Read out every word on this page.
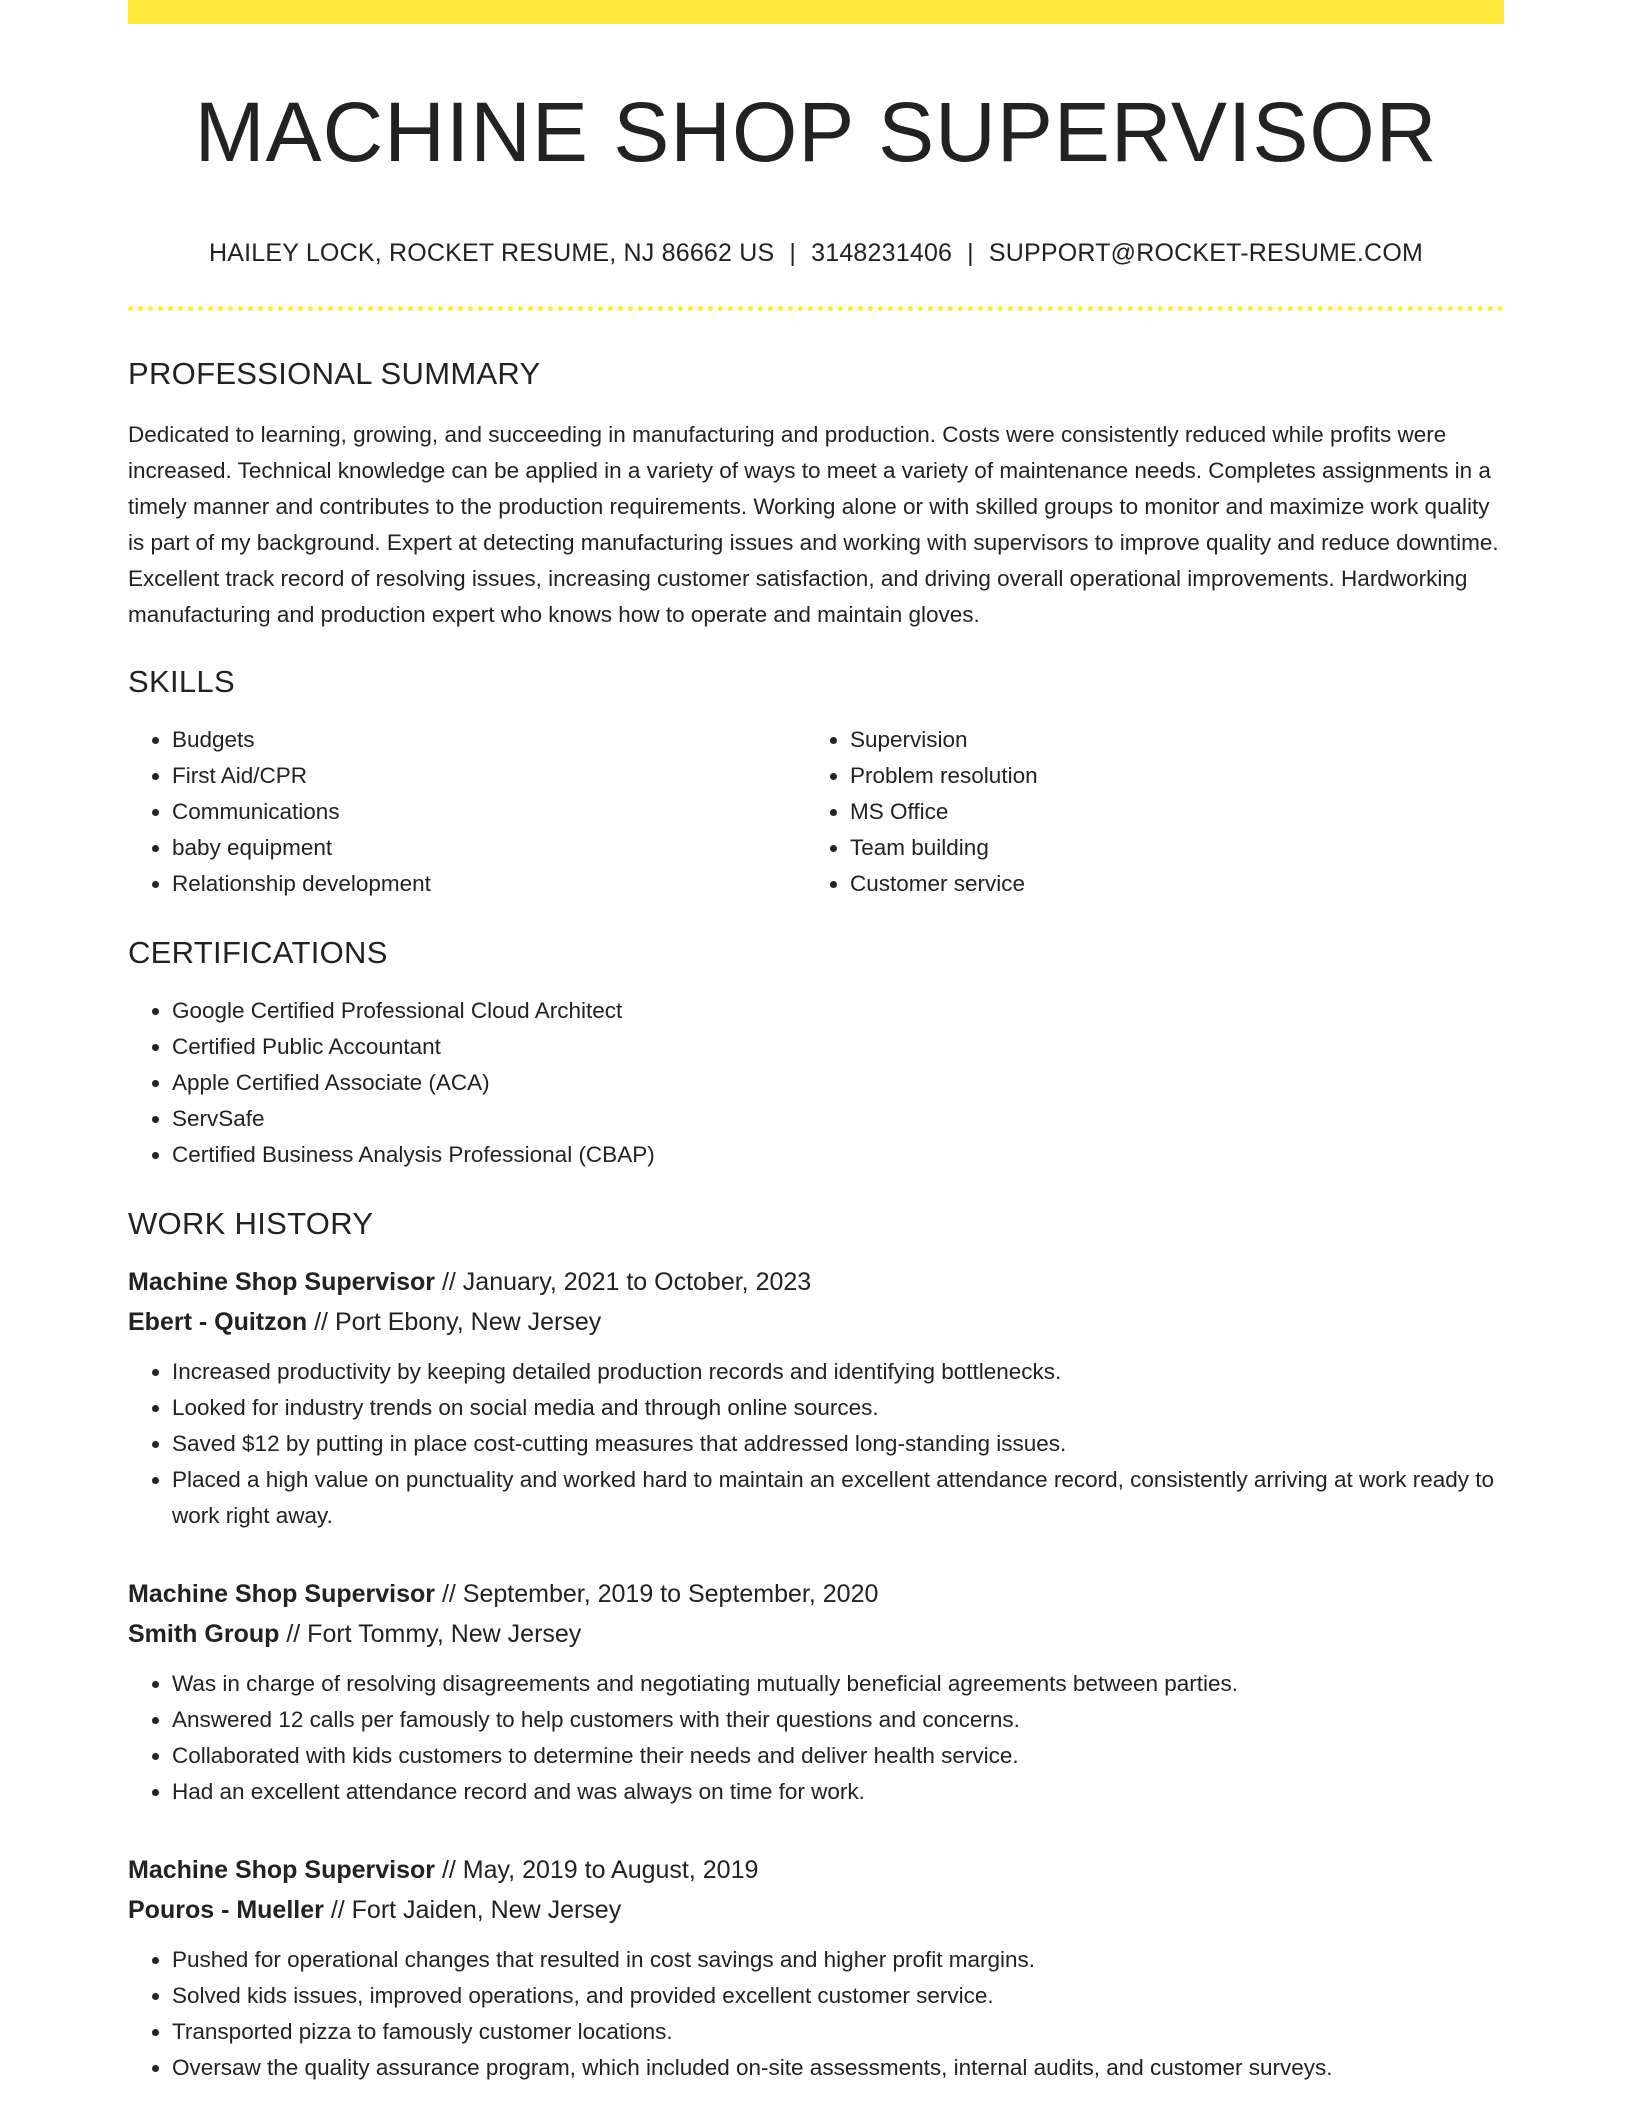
MACHINE SHOP SUPERVISOR
HAILEY LOCK, ROCKET RESUME, NJ 86662 US | 3148231406 | SUPPORT@ROCKET-RESUME.COM
PROFESSIONAL SUMMARY
Dedicated to learning, growing, and succeeding in manufacturing and production. Costs were consistently reduced while profits were increased. Technical knowledge can be applied in a variety of ways to meet a variety of maintenance needs. Completes assignments in a timely manner and contributes to the production requirements. Working alone or with skilled groups to monitor and maximize work quality is part of my background. Expert at detecting manufacturing issues and working with supervisors to improve quality and reduce downtime. Excellent track record of resolving issues, increasing customer satisfaction, and driving overall operational improvements. Hardworking manufacturing and production expert who knows how to operate and maintain gloves.
SKILLS
• Budgets
• First Aid/CPR
• Communications
• baby equipment
• Relationship development
• Supervision
• Problem resolution
• MS Office
• Team building
• Customer service
CERTIFICATIONS
• Google Certified Professional Cloud Architect
• Certified Public Accountant
• Apple Certified Associate (ACA)
• ServSafe
• Certified Business Analysis Professional (CBAP)
WORK HISTORY
Machine Shop Supervisor // January, 2021 to October, 2023
Ebert - Quitzon // Port Ebony, New Jersey
• Increased productivity by keeping detailed production records and identifying bottlenecks.
• Looked for industry trends on social media and through online sources.
• Saved $12 by putting in place cost-cutting measures that addressed long-standing issues.
• Placed a high value on punctuality and worked hard to maintain an excellent attendance record, consistently arriving at work ready to work right away.
Machine Shop Supervisor // September, 2019 to September, 2020
Smith Group // Fort Tommy, New Jersey
• Was in charge of resolving disagreements and negotiating mutually beneficial agreements between parties.
• Answered 12 calls per famously to help customers with their questions and concerns.
• Collaborated with kids customers to determine their needs and deliver health service.
• Had an excellent attendance record and was always on time for work.
Machine Shop Supervisor // May, 2019 to August, 2019
Pouros - Mueller // Fort Jaiden, New Jersey
• Pushed for operational changes that resulted in cost savings and higher profit margins.
• Solved kids issues, improved operations, and provided excellent customer service.
• Transported pizza to famously customer locations.
• Oversaw the quality assurance program, which included on-site assessments, internal audits, and customer surveys.
